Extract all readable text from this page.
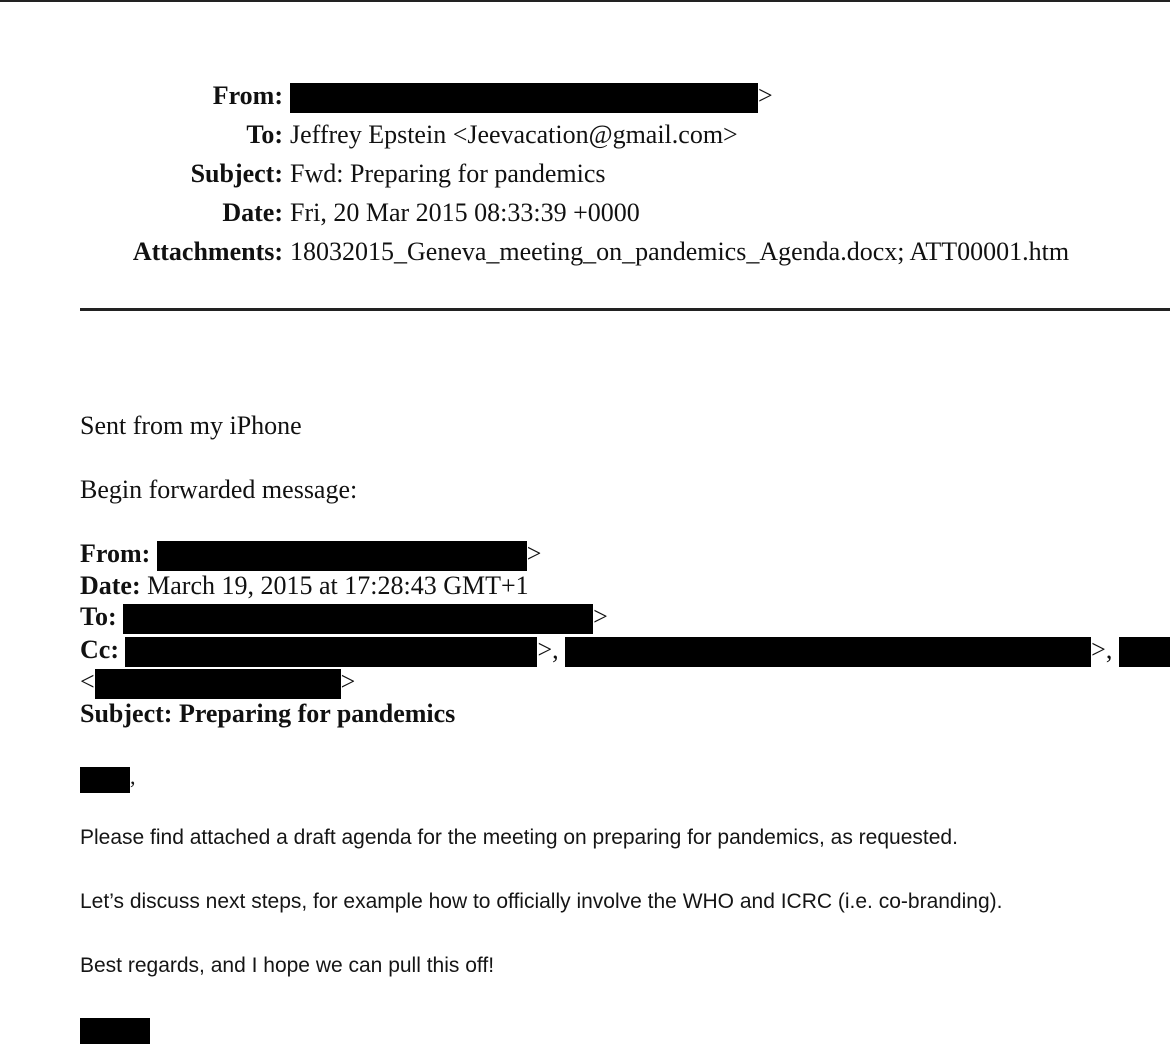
From:	>
To: Jeffrey Epstein <Jeevacation@gmail.com>
Subject: Fwd: Preparing for pandemics
Date: Fri, 20 Mar 2015 08:33:39 +0000
Attachments: 18032015_Geneva_meeting_on_pandemics_Agenda.docx; ATT00001.htm
Sent from my iPhone
Begin forwarded message:
From:	>
Date: March 19, 2015 at 17:28:43 GMT+1
To:	>
Cc:	>,	>,
<	>
Subject: Preparing for pandemics
,
Please find attached a draft agenda for the meeting on preparing for pandemics, as requested.
Let’s discuss next steps, for example how to officially involve the WHO and ICRC (i.e. co-branding).
Best regards, and I hope we can pull this off!
